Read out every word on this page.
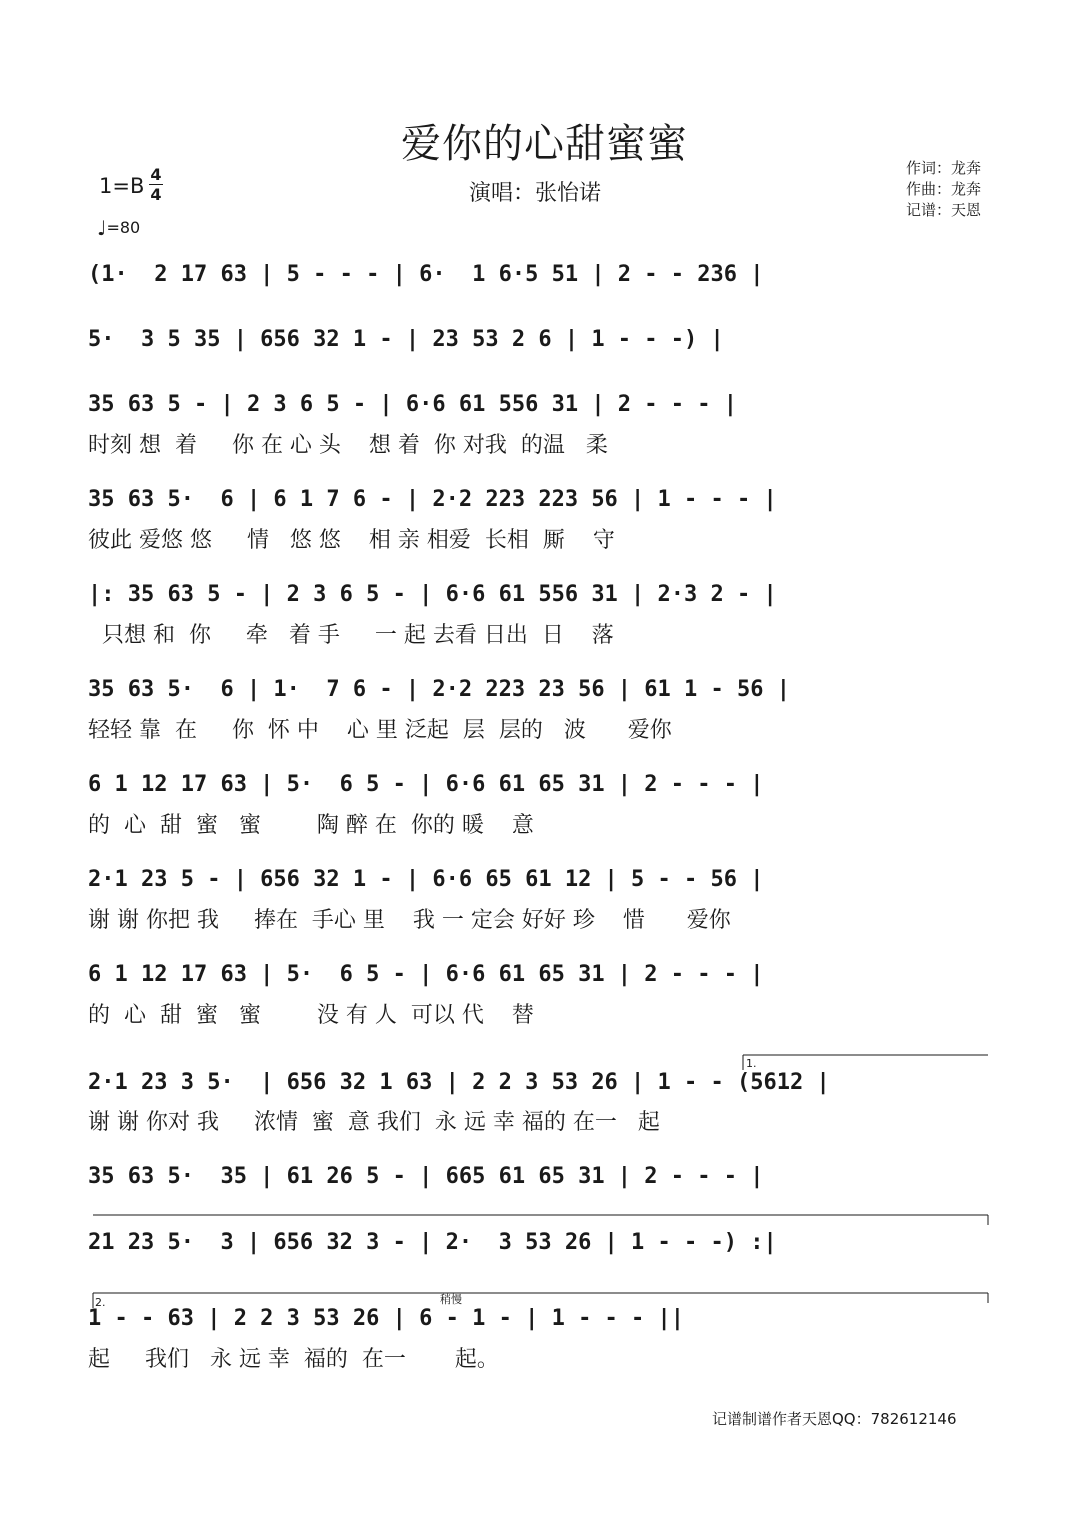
爱你的心甜蜜蜜
演唱：张怡诺
作词：龙奔
作曲：龙奔
记谱：天恩
1=B 4
4
♩=80
稍慢
(1·  2 17 63 | 5 - - - | 6·  1 6·5 51 | 2 - - 236 |
5·  3 5 35 | 656 32 1 - | 23 53 2 6 | 1 - - -) |
35 63 5 - | 2 3 6 5 - | 6·6 61 556 31 | 2 - - - |
时刻 想  着     你 在 心 头    想 着  你 对我  的温   柔
35 63 5·  6 | 6 1 7 6 - | 2·2 223 223 56 | 1 - - - |
彼此 爱悠 悠     情   悠 悠    相 亲 相爱  长相  厮    守
|: 35 63 5 - | 2 3 6 5 - | 6·6 61 556 31 | 2·3 2 - |
只想 和  你     牵   着 手     一 起 去看 日出  日    落
35 63 5·  6 | 1·  7 6 - | 2·2 223 23 56 | 61 1 - 56 |
轻轻 靠  在     你  怀 中    心 里 泛起  层  层的   波      爱你
6 1 12 17 63 | 5·  6 5 - | 6·6 61 65 31 | 2 - - - |
的  心  甜  蜜   蜜        陶 醉 在  你的 暖    意
2·1 23 5 - | 656 32 1 - | 6·6 65 61 12 | 5 - - 56 |
谢 谢 你把 我     捧在  手心 里    我 一 定会 好好 珍    惜      爱你
6 1 12 17 63 | 5·  6 5 - | 6·6 61 65 31 | 2 - - - |
的  心  甜  蜜   蜜        没 有 人  可以 代    替
2·1 23 3 5·  | 656 32 1 63 | 2 2 3 53 26 | 1 - - (5612 |
谢 谢 你对 我     浓情  蜜  意 我们  永 远 幸 福的 在一   起
35 63 5·  35 | 61 26 5 - | 665 61 65 31 | 2 - - - |
21 23 5·  3 | 656 32 3 - | 2·  3 53 26 | 1 - - -) :|
1 - - 63 | 2 2 3 53 26 | 6 - 1 - | 1 - - - ||
起     我们   永 远 幸  福的  在一       起。
1.
2.
记谱制谱作者天恩QQ：782612146
